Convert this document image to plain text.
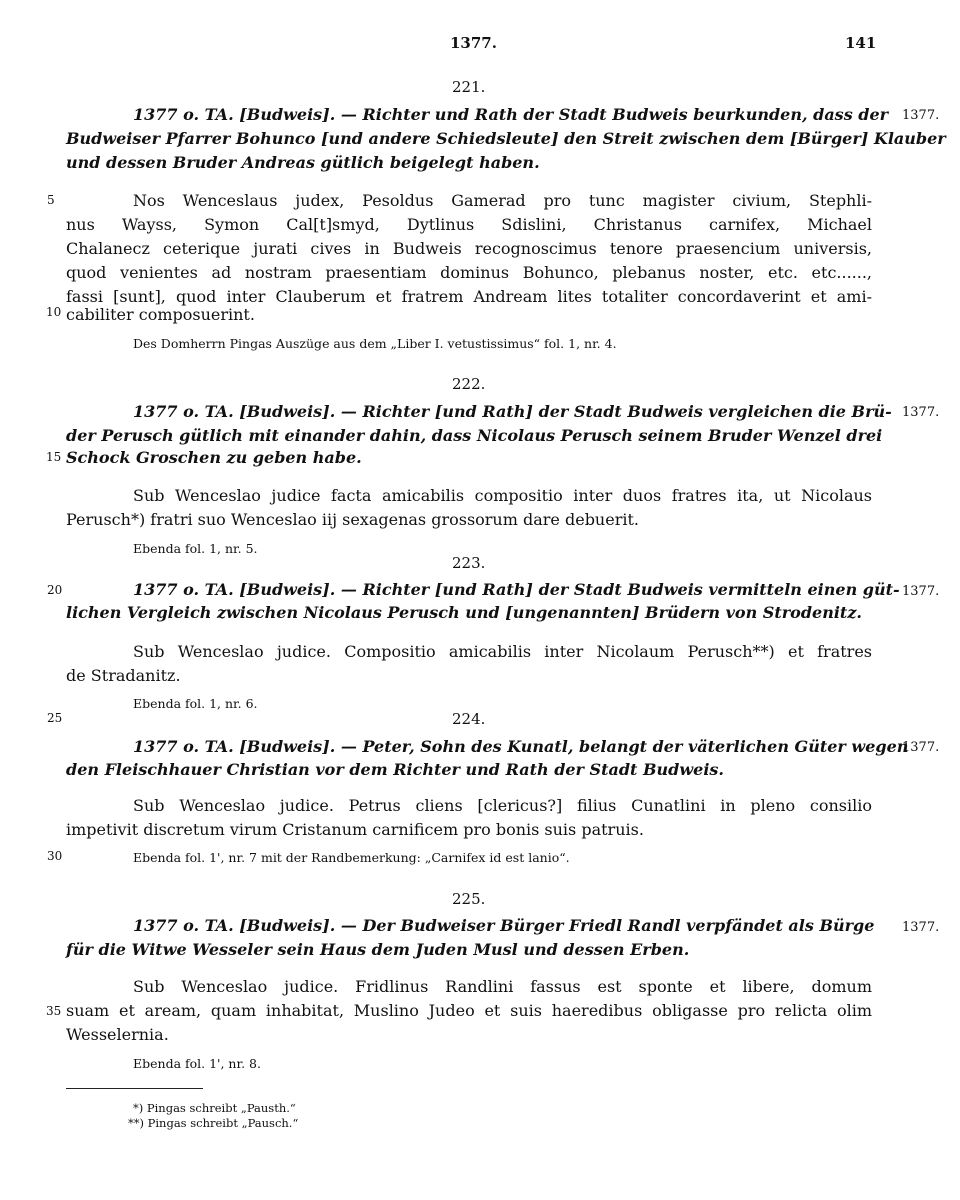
1377.	141
5
10
15
20
25
30
35
221.
1377 o. TA. [Budweis]. — Richter und Rath der Stadt Budweis beurkunden, dass der
Budweiser Pfarrer Bohunco [und andere Schiedsleute] den Streit zwischen dem [Bürger] Klauber
und dessen Bruder Andreas gütlich beigelegt haben.
1377.
Nos Wenceslaus judex, Pesoldus Gamerad pro tunc magister civium, Stephli-
nus Wayss, Symon Cal[t]smyd, Dytlinus Sdislini, Christanus carnifex, Michael
Chalanecz ceterique jurati cives in Budweis recognoscimus tenore praesencium universis,
quod venientes ad nostram praesentiam dominus Bohunco, plebanus noster, etc. etc......,
fassi [sunt], quod inter Clauberum et fratrem Andream lites totaliter concordaverint et ami-
cabiliter composuerint.
Des Domherrn Pingas Auszüge aus dem „Liber I. vetustissimus“ fol. 1, nr. 4.
222.
1377 o. TA. [Budweis]. — Richter [und Rath] der Stadt Budweis vergleichen die Brü-
der Perusch gütlich mit einander dahin, dass Nicolaus Perusch seinem Bruder Wenzel drei
Schock Groschen zu geben habe.
1377.
Sub Wenceslao judice facta amicabilis compositio inter duos fratres ita, ut Nicolaus
Perusch*) fratri suo Wenceslao iij sexagenas grossorum dare debuerit.
Ebenda fol. 1, nr. 5.
223.
1377 o. TA. [Budweis]. — Richter [und Rath] der Stadt Budweis vermitteln einen güt-
lichen Vergleich zwischen Nicolaus Perusch und [ungenannten] Brüdern von Strodenitz.
1377.
Sub Wenceslao judice. Compositio amicabilis inter Nicolaum Perusch**) et fratres
de Stradanitz.
Ebenda fol. 1, nr. 6.
224.
1377 o. TA. [Budweis]. — Peter, Sohn des Kunatl, belangt der väterlichen Güter wegen
den Fleischhauer Christian vor dem Richter und Rath der Stadt Budweis.
1377.
Sub Wenceslao judice. Petrus cliens [clericus?] filius Cunatlini in pleno consilio
impetivit discretum virum Cristanum carnificem pro bonis suis patruis.
Ebenda fol. 1', nr. 7 mit der Randbemerkung: „Carnifex id est lanio“.
225.
1377 o. TA. [Budweis]. — Der Budweiser Bürger Friedl Randl verpfändet als Bürge
für die Witwe Wesseler sein Haus dem Juden Musl und dessen Erben.
1377.
Sub Wenceslao judice. Fridlinus Randlini fassus est sponte et libere, domum
suam et aream, quam inhabitat, Muslino Judeo et suis haeredibus obligasse pro relicta olim
Wesselernia.
Ebenda fol. 1', nr. 8.
*) Pingas schreibt „Pausth.“
**) Pingas schreibt „Pausch.“
